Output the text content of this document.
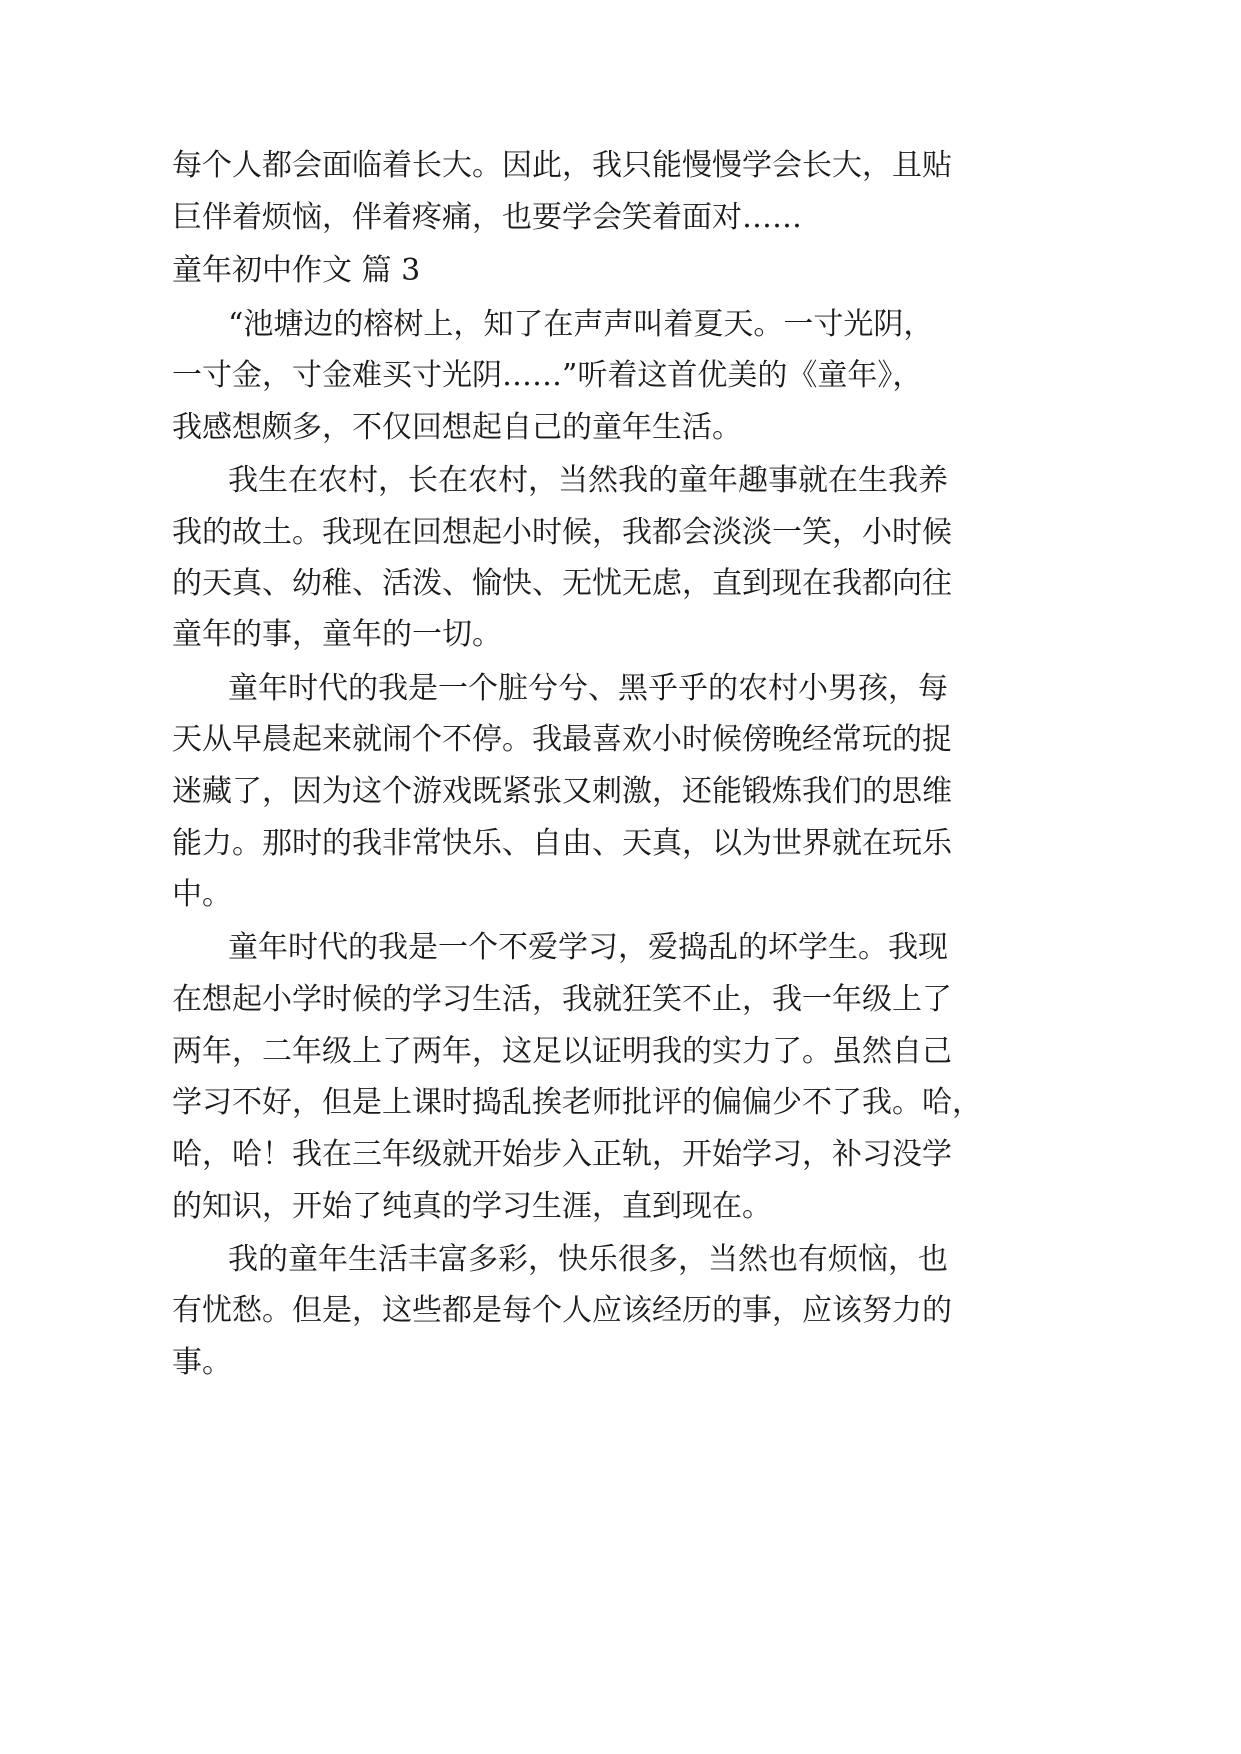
每个人都会面临着长大。因此，我只能慢慢学会长大，且贴
巨伴着烦恼，伴着疼痛，也要学会笑着面对……
童年初中作文 篇 3
“池塘边的榕树上，知了在声声叫着夏天。一寸光阴，
一寸金，寸金难买寸光阴……”听着这首优美的《童年》，
我感想颇多，不仅回想起自己的童年生活。
我生在农村，长在农村，当然我的童年趣事就在生我养
我的故土。我现在回想起小时候，我都会淡淡一笑，小时候
的天真、幼稚、活泼、愉快、无忧无虑，直到现在我都向往
童年的事，童年的一切。
童年时代的我是一个脏兮兮、黑乎乎的农村小男孩，每
天从早晨起来就闹个不停。我最喜欢小时候傍晚经常玩的捉
迷藏了，因为这个游戏既紧张又刺激，还能锻炼我们的思维
能力。那时的我非常快乐、自由、天真，以为世界就在玩乐
中。
童年时代的我是一个不爱学习，爱捣乱的坏学生。我现
在想起小学时候的学习生活，我就狂笑不止，我一年级上了
两年，二年级上了两年，这足以证明我的实力了。虽然自己
学习不好，但是上课时捣乱挨老师批评的偏偏少不了我。哈，
哈，哈！我在三年级就开始步入正轨，开始学习，补习没学
的知识，开始了纯真的学习生涯，直到现在。
我的童年生活丰富多彩，快乐很多，当然也有烦恼，也
有忧愁。但是，这些都是每个人应该经历的事，应该努力的
事。
